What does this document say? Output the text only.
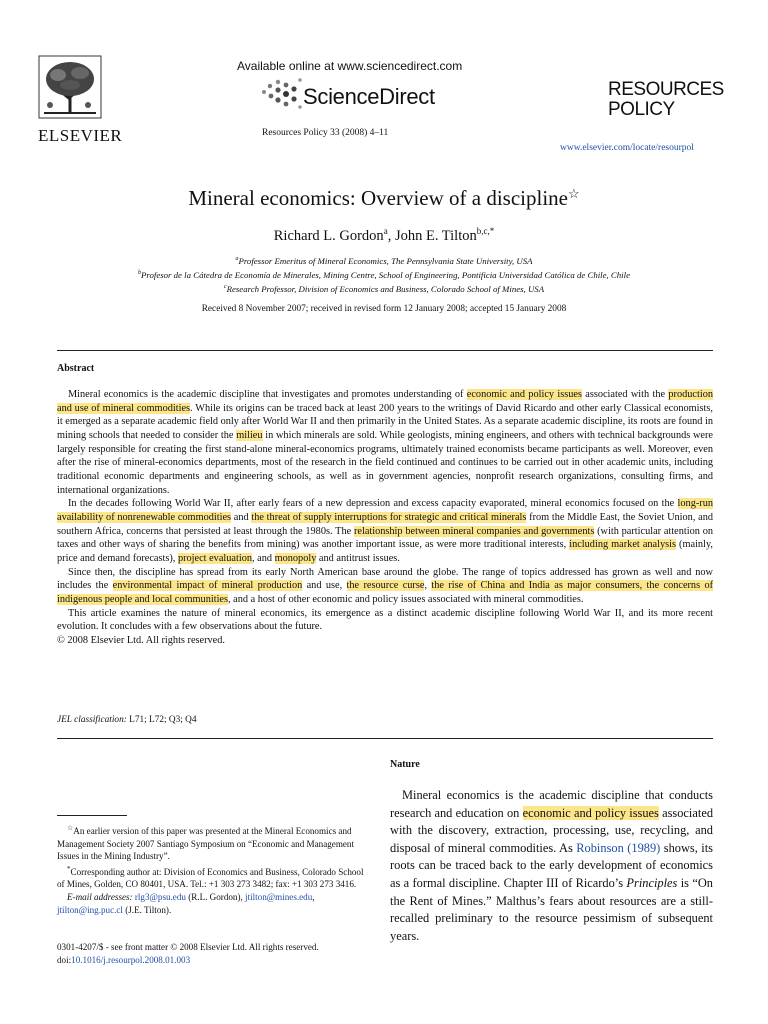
ELSEVIER
Available online at www.sciencedirect.com
ScienceDirect
Resources Policy 33 (2008) 4–11
RESOURCES
POLICY
www.elsevier.com/locate/resourpol
Mineral economics: Overview of a discipline☆
Richard L. Gordon$^a$, John E. Tilton$^{b,c,*}$
$^a$Professor Emeritus of Mineral Economics, The Pennsylvania State University, USA
$^b$Profesor de la Cátedra de Economía de Minerales, Mining Centre, School of Engineering, Pontificia Universidad Católica de Chile, Chile
$^c$Research Professor, Division of Economics and Business, Colorado School of Mines, USA
Received 8 November 2007; received in revised form 12 January 2008; accepted 15 January 2008
Abstract

Mineral economics is the academic discipline that investigates and promotes understanding of economic and policy issues associated with the production and use of mineral commodities. While its origins can be traced back at least 200 years to the writings of David Ricardo and other early Classical economists, it emerged as a separate academic field only after World War II and then primarily in the United States. As a separate academic discipline, its roots are found in mining schools that needed to consider the milieu in which minerals are sold. While geologists, mining engineers, and others with technical backgrounds were largely responsible for creating the first stand-alone mineral-economics programs, ultimately trained economists became participants as well. Moreover, even after the rise of mineral-economics departments, most of the research in the field continued and continues to be carried out in other academic units, including traditional economic departments and engineering schools, as well as in government agencies, nonprofit research organizations, consulting firms, and international organizations.

In the decades following World War II, after early fears of a new depression and excess capacity evaporated, mineral economics focused on the long-run availability of nonrenewable commodities and the threat of supply interruptions for strategic and critical minerals from the Middle East, the Soviet Union, and southern Africa, concerns that persisted at least through the 1980s. The relationship between mineral companies and governments (with particular attention on taxes and other ways of sharing the benefits from mining) was another important issue, as were more traditional interests, including market analysis (mainly, price and demand forecasts), project evaluation, and monopoly and antitrust issues.

Since then, the discipline has spread from its early North American base around the globe. The range of topics addressed has grown as well and now includes the environmental impact of mineral production and use, the resource curse, the rise of China and India as major consumers, the concerns of indigenous people and local communities, and a host of other economic and policy issues associated with mineral commodities.

This article examines the nature of mineral economics, its emergence as a distinct academic discipline following World War II, and its more recent evolution. It concludes with a few observations about the future.

© 2008 Elsevier Ltd. All rights reserved.

JEL classification: L71; L72; Q3; Q4
Nature

Mineral economics is the academic discipline that conducts research and education on economic and policy issues associated with the discovery, extraction, processing, use, recycling, and disposal of mineral commodities. As Robinson (1989) shows, its roots can be traced back to the early development of economics as a formal discipline. Chapter III of Ricardo’s Principles is “On the Rent of Mines.” Malthus’s fears about resources are a still-recalled preliminary to the resource pessimism of subsequent years.

☆An earlier version of this paper was presented at the Mineral Economics and Management Society 2007 Santiago Symposium on “Economic and Management Issues in the Mining Industry”.

*Corresponding author at: Division of Economics and Business, Colorado School of Mines, Golden, CO 80401, USA. Tel.: +1 303 273 3482; fax: +1 303 273 3416.

E-mail addresses: rlg3@psu.edu (R.L. Gordon), jtilton@mines.edu, jtilton@ing.puc.cl (J.E. Tilton).

0301-4207/$ - see front matter © 2008 Elsevier Ltd. All rights reserved.
doi:10.1016/j.resourpol.2008.01.003
